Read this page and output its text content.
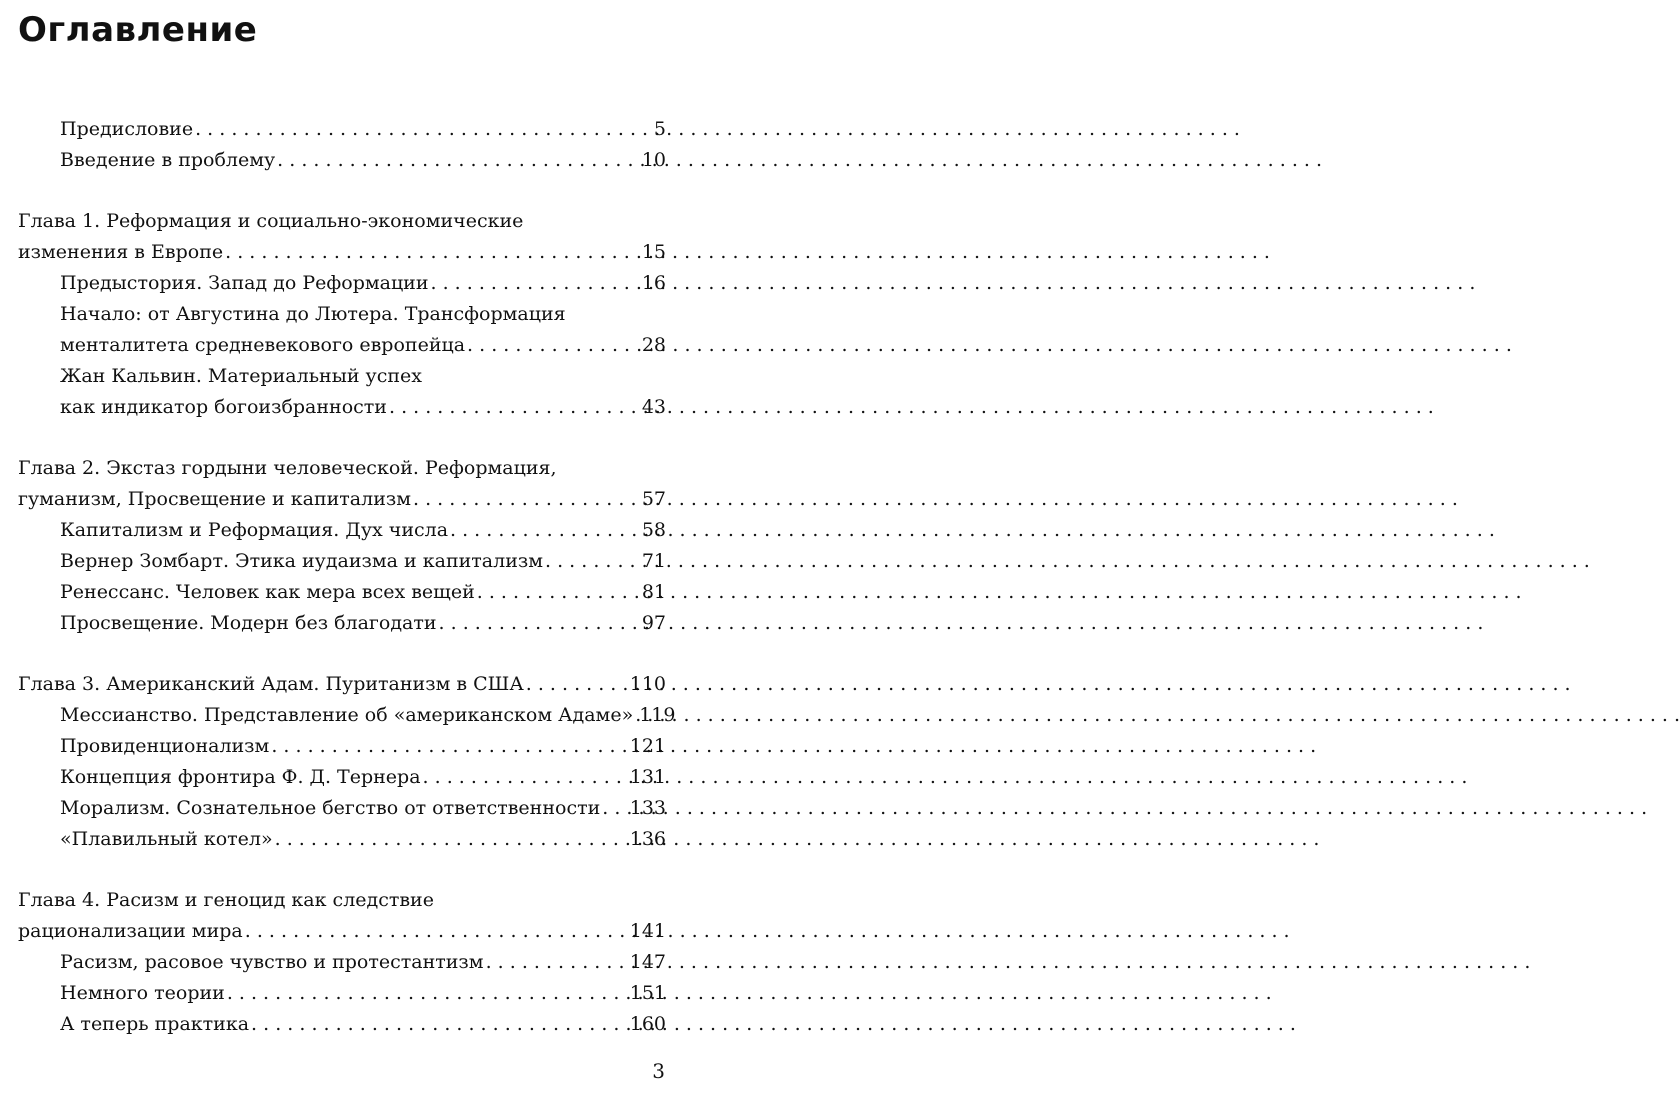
Оглавление
Предисловие . . .	5
Введение в проблему . . .	10
Глава 1. Реформация и социально-экономические
изменения в Европе . . .	15
Предыстория. Запад до Реформации . . .	16
Начало: от Августина до Лютера. Трансформация
менталитета средневекового европейца . . .	28
Жан Кальвин. Материальный успех
как индикатор богоизбранности . . .	43
Глава 2. Экстаз гордыни человеческой. Реформация,
гуманизм, Просвещение и капитализм . . .	57
Капитализм и Реформация. Дух числа . . .	58
Вернер Зомбарт. Этика иудаизма и капитализм . . .	71
Ренессанс. Человек как мера всех вещей . . .	81
Просвещение. Модерн без благодати . . .	97
Глава 3. Американский Адам. Пуританизм в США . . .	110
Мессианство. Представление об «американском Адаме» . . . 119
Провиденционализм . . .	121
Концепция фронтира Ф. Д. Тернера . . .	131
Морализм. Сознательное бегство от ответственности . . . 133
«Плавильный котел» . . .	136
Глава 4. Расизм и геноцид как следствие
рационализации мира . . .	141
Расизм, расовое чувство и протестантизм . . .	147
Немного теории . . .	151
А теперь практика . . .	160
3
